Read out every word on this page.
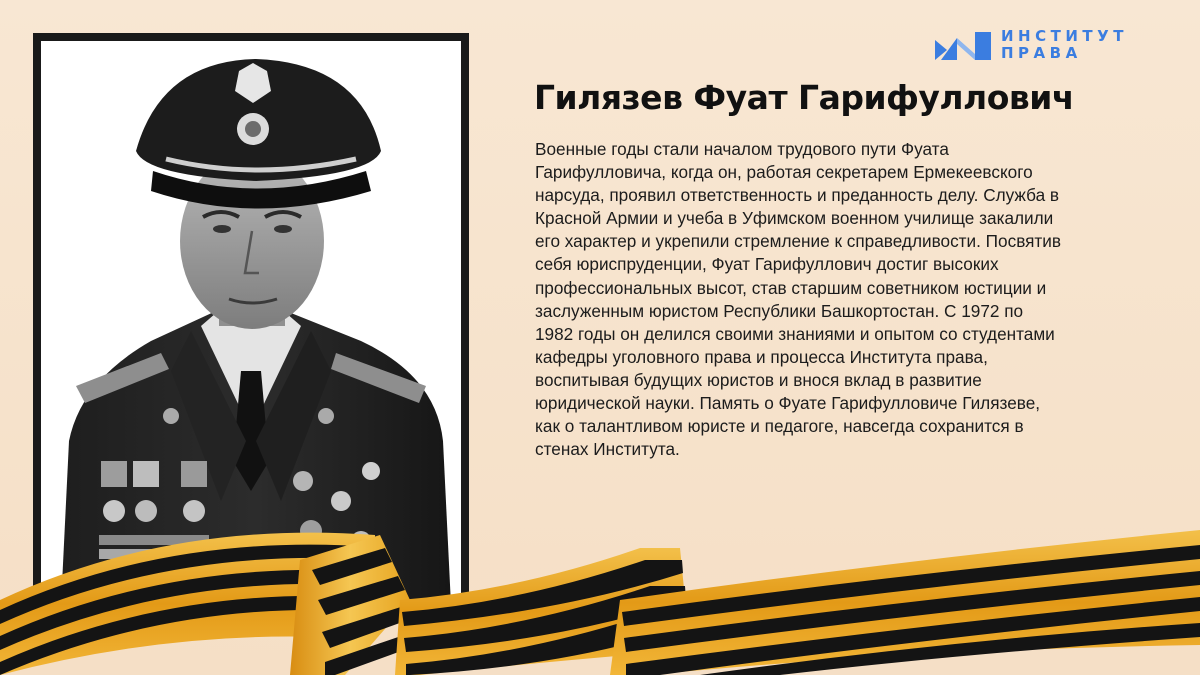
ИНСТИТУТ
ПРАВА
Гилязев Фуат Гарифуллович
Военные годы стали началом трудового пути Фуата
Гарифулловича, когда он, работая секретарем Ермекеевского
нарсуда, проявил ответственность и преданность делу. Служба в
Красной Армии и учеба в Уфимском военном училище закалили
его характер и укрепили стремление к справедливости. Посвятив
себя юриспруденции, Фуат Гарифуллович достиг высоких
профессиональных высот, став старшим советником юстиции и
заслуженным юристом Республики Башкортостан. С 1972 по
1982 годы он делился своими знаниями и опытом со студентами
кафедры уголовного права и процесса Института права,
воспитывая будущих юристов и внося вклад в развитие
юридической науки. Память о Фуате Гарифулловиче Гилязеве,
как о талантливом юристе и педагоге, навсегда сохранится в
стенах Института.
